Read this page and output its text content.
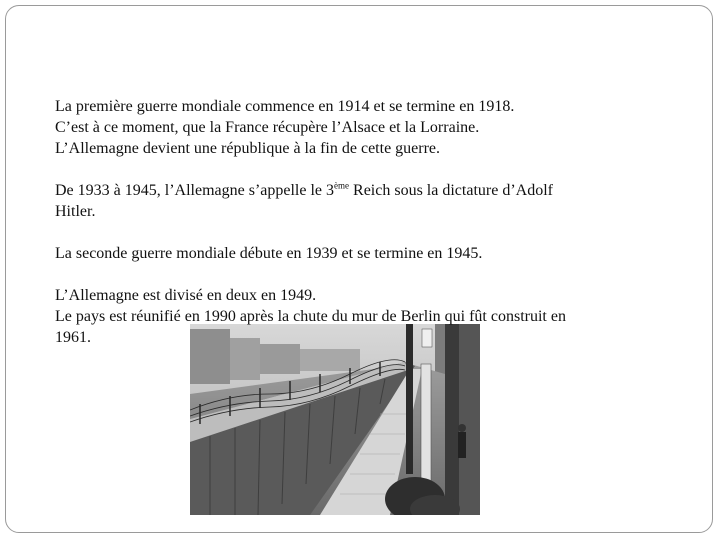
La première guerre mondiale commence en 1914 et se termine en 1918.

C’est à ce moment, que la France récupère l’Alsace et la Lorraine.

L’Allemagne devient une république à la fin de cette guerre.

De 1933 à 1945, l’Allemagne s’appelle le 3ème Reich sous la dictature d’Adolf

Hitler.

La seconde guerre mondiale débute en 1939 et se termine en 1945.

L’Allemagne est divisé en deux en 1949.

Le pays est réunifié en 1990 après la chute du mur de Berlin qui fût construit en

1961.
